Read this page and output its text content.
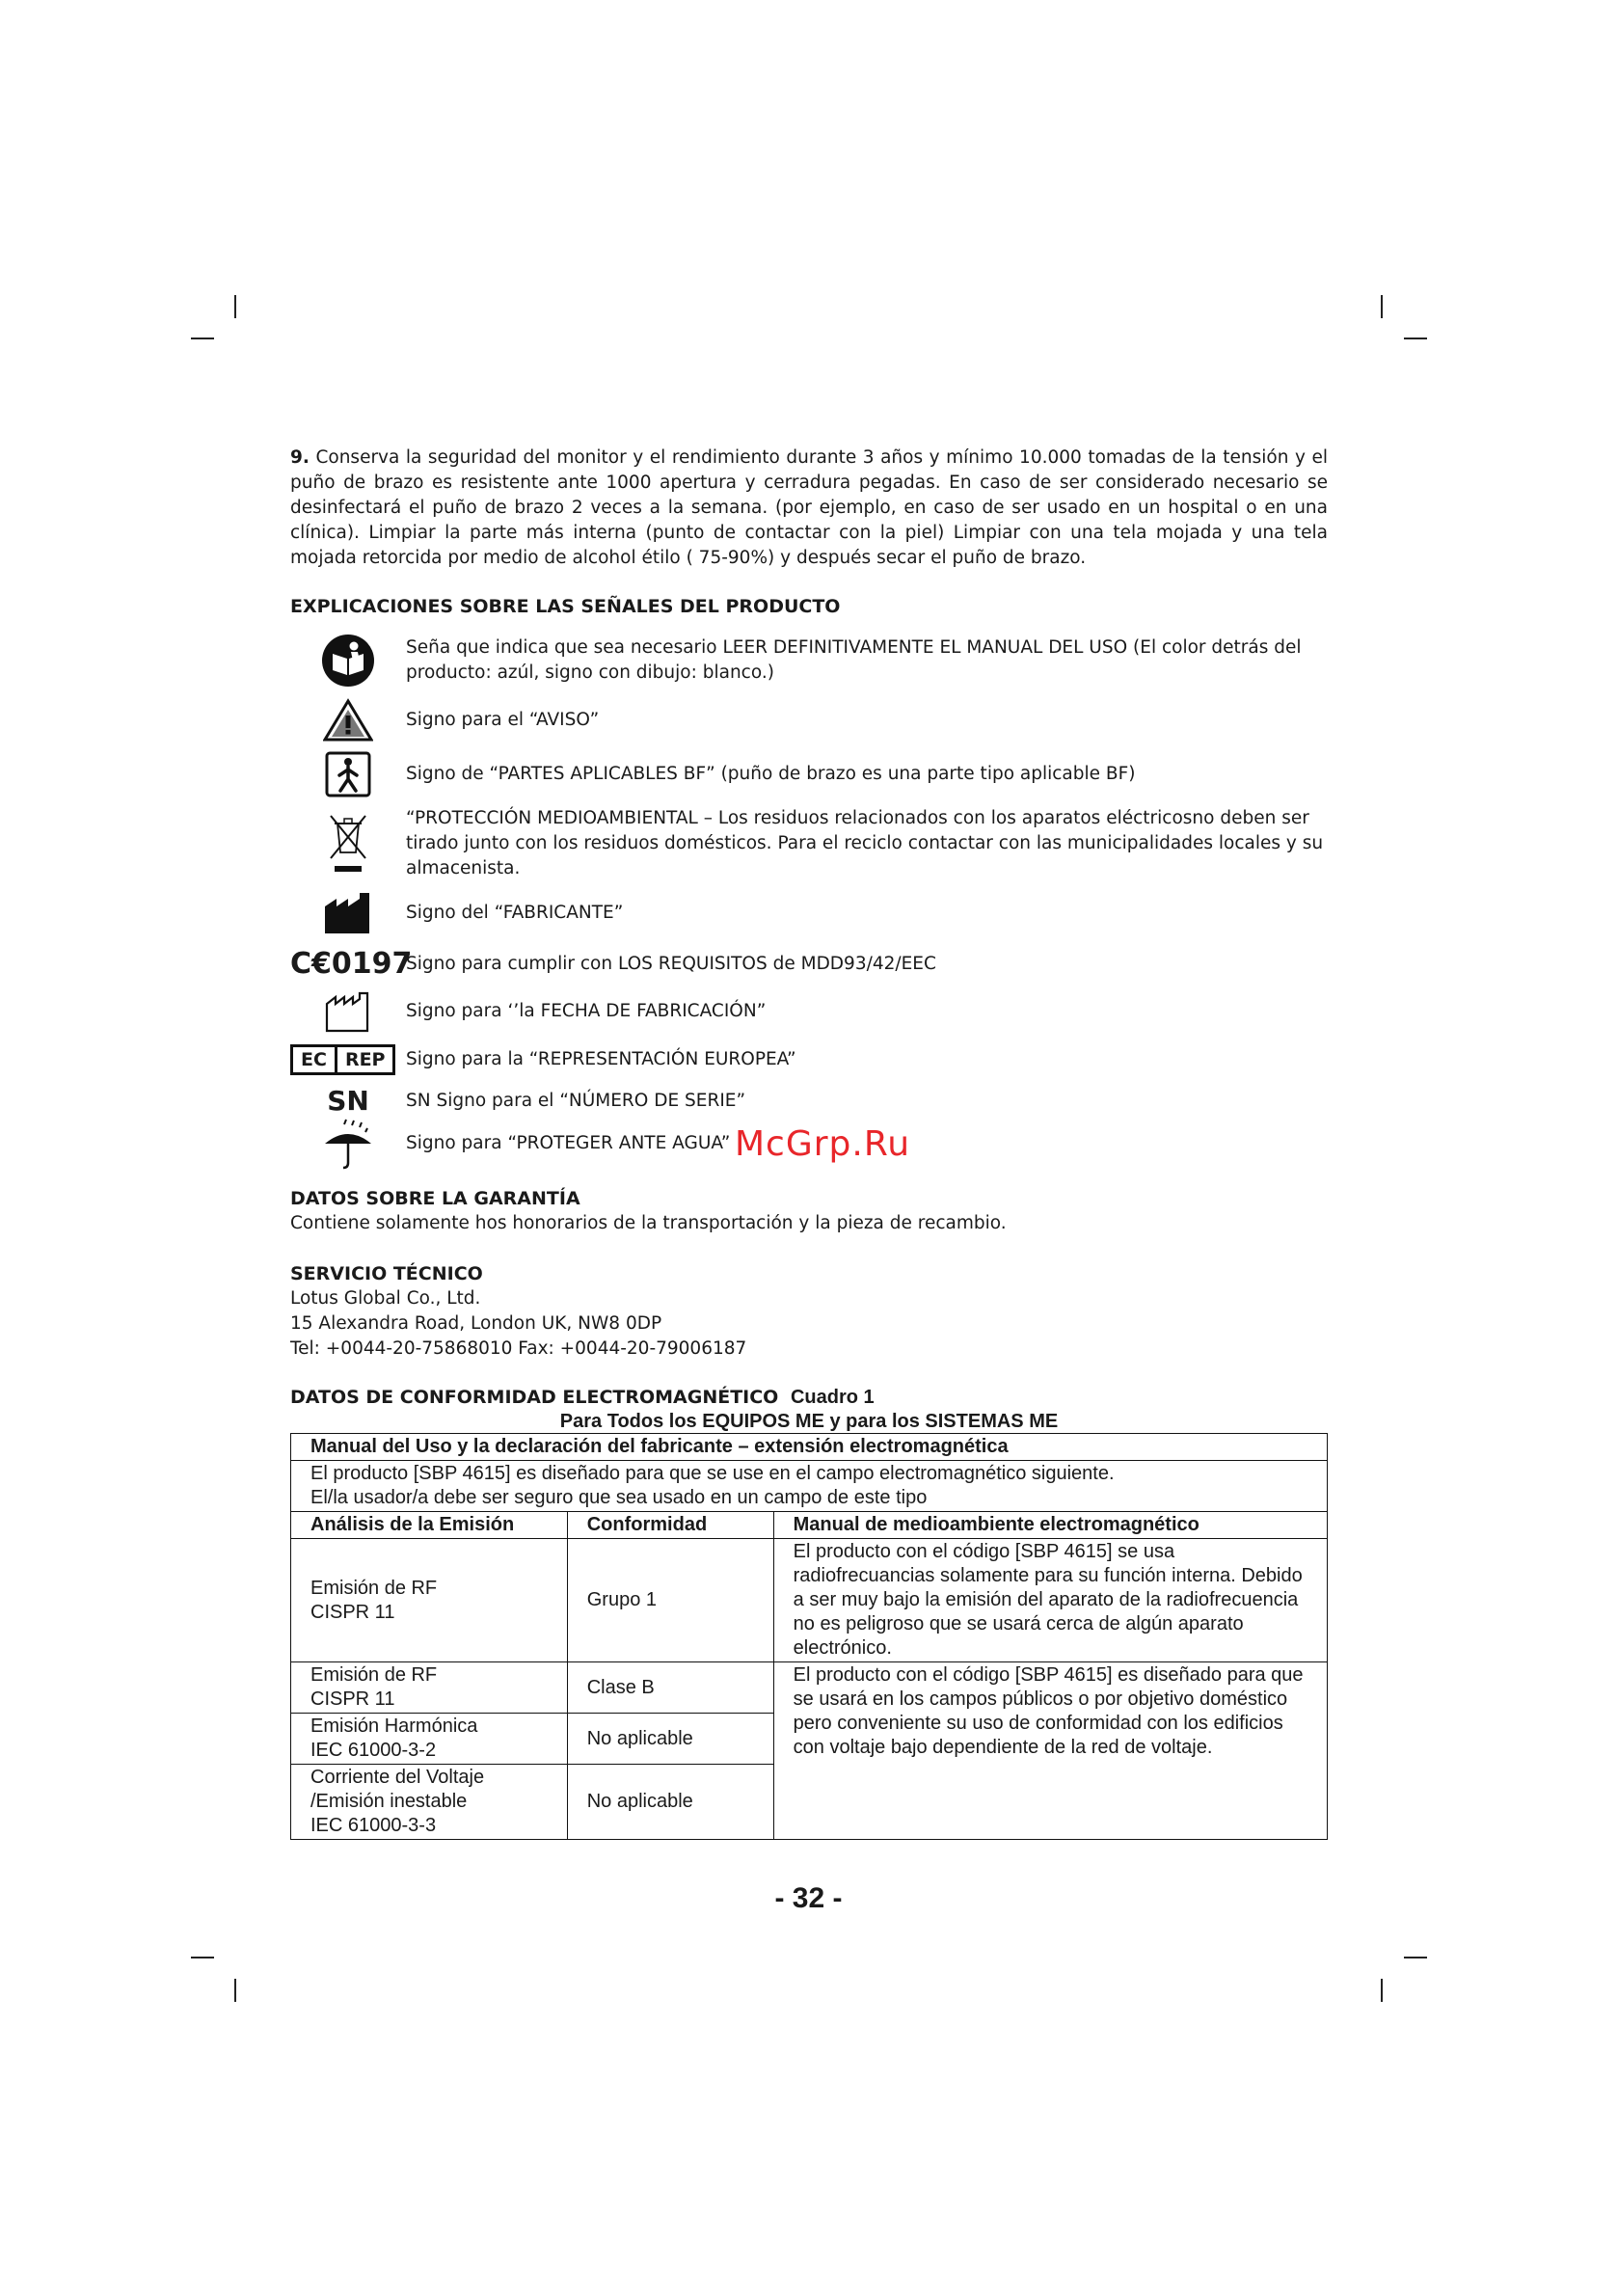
9. Conserva la seguridad del monitor y el rendimiento durante 3 años y mínimo 10.000 tomadas de la tensión y el puño de brazo es resistente ante 1000 apertura y cerradura pegadas. En caso de ser considerado necesario se desinfectará el puño de brazo 2 veces a la semana. (por ejemplo, en caso de ser usado en un hospital o en una clínica). Limpiar la parte más interna (punto de contactar con la piel) Limpiar con una tela mojada y una tela mojada retorcida por medio de alcohol étilo ( 75-90%) y después secar el puño de brazo.

EXPLICACIONES SOBRE LAS SEÑALES DEL PRODUCTO

Seña que indica que sea necesario LEER DEFINITIVAMENTE EL MANUAL DEL USO (El color detrás del producto: azúl, signo con dibujo: blanco.)
Signo para el “AVISO”
Signo de “PARTES APLICABLES BF” (puño de brazo es una parte tipo aplicable BF)
“PROTECCIÓN MEDIOAMBIENTAL – Los residuos relacionados con los aparatos eléctricosno deben ser tirado junto con los residuos domésticos. Para el reciclo contactar con las municipalidades locales y su almacenista.
Signo del “FABRICANTE”
C€0197
Signo para cumplir con LOS REQUISITOS de MDD93/42/EEC
Signo para ‘’la FECHA DE FABRICACIÓN”
EC	REP	Signo para la “REPRESENTACIÓN EUROPEA”
SN SN Signo para el “NÚMERO DE SERIE”
Signo para “PROTEGER ANTE AGUA”

DATOS SOBRE LA GARANTÍA

Contiene solamente hos honorarios de la transportación y la pieza de recambio.

SERVICIO TÉCNICO

Lotus Global Co., Ltd.

15 Alexandra Road, London UK, NW8 0DP

Tel: +0044-20-75868010 Fax: +0044-20-79006187

DATOS DE CONFORMIDAD ELECTROMAGNÉTICO Cuadro 1

Para Todos los EQUIPOS ME y para los SISTEMAS ME
Manual del Uso y la declaración del fabricante – extensión electromagnética		

El producto [SBP 4615] es diseñado para que se use en el campo electromagnético siguiente.
El/la usador/a debe ser seguro que sea usado en un campo de este tipo		

Análisis de la Emisión	Conformidad	Manual de medioambiente electromagnético

Emisión de RF
CISPR 11	Grupo 1	El producto con el código [SBP 4615] se usa radiofrecuancias solamente para su función interna. Debido a ser muy bajo la emisión del aparato de la radiofrecuencia no es peligroso que se usará cerca de algún aparato electrónico.

Emisión de RF
CISPR 11	Clase B	El producto con el código [SBP 4615] es diseñado para que se usará en los campos públicos o por objetivo doméstico pero conveniente su uso de conformidad con los edificios con voltaje bajo dependiente de la red de voltaje.

Emisión Harmónica
IEC 61000-3-2	No aplicable	

Corriente del Voltaje
/Emisión inestable
IEC 61000-3-3	No aplicable	
McGrp.Ru
- 32 -
